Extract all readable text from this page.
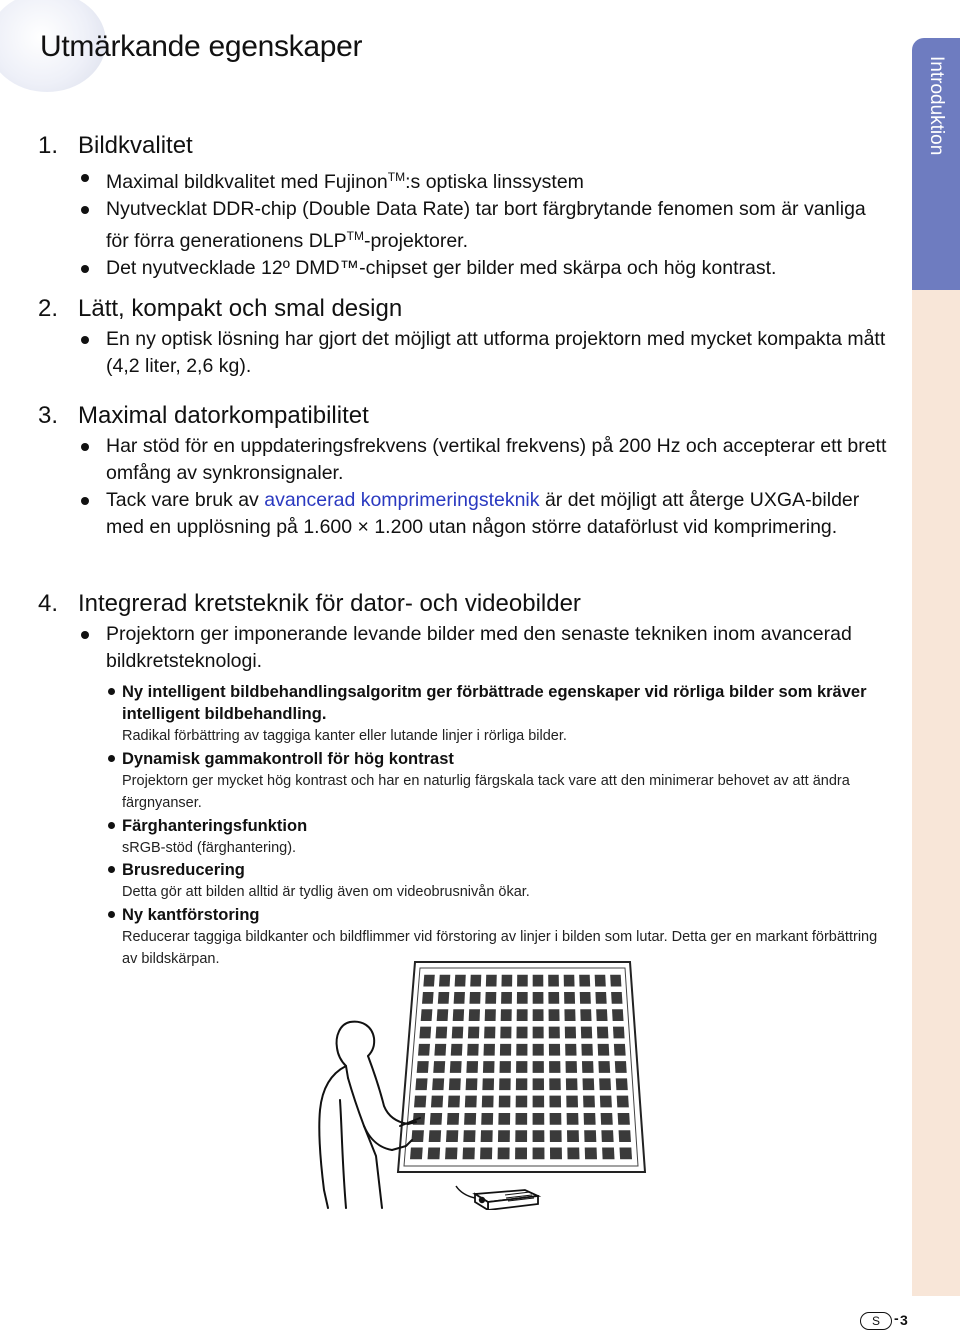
Utmärkande egenskaper
Introduktion
1. Bildkvalitet
Maximal bildkvalitet med Fujinon™:s optiska linssystem
Nyutvecklat DDR-chip (Double Data Rate) tar bort färgbrytande fenomen som är vanliga för förra generationens DLP™-projektorer.
Det nyutvecklade 12º DMD™-chipset ger bilder med skärpa och hög kontrast.
2. Lätt, kompakt och smal design
En ny optisk lösning har gjort det möjligt att utforma projektorn med mycket kompakta mått (4,2 liter, 2,6 kg).
3. Maximal datorkompatibilitet
Har stöd för en uppdateringsfrekvens (vertikal frekvens) på 200 Hz och accepterar ett brett omfång av synkronsignaler.
Tack vare bruk av avancerad komprimeringsteknik är det möjligt att återge UXGA-bilder med en upplösning på 1.600 × 1.200 utan någon större dataförlust vid komprimering.
4. Integrerad kretsteknik för dator- och videobilder
Projektorn ger imponerande levande bilder med den senaste tekniken inom avancerad bildkretsteknologi.
Ny intelligent bildbehandlingsalgoritm ger förbättrade egenskaper vid rörliga bilder som kräver intelligent bildbehandling.
Radikal förbättring av taggiga kanter eller lutande linjer i rörliga bilder.
Dynamisk gammakontroll för hög kontrast
Projektorn ger mycket hög kontrast och har en naturlig färgskala tack vare att den minimerar behovet av att ändra färgnyanser.
Färghanteringsfunktion
sRGB-stöd (färghantering).
Brusreducering
Detta gör att bilden alltid är tydlig även om videobrusnivån ökar.
Ny kantförstoring
Reducerar taggiga bildkanter och bildflimmer vid förstoring av linjer i bilden som lutar. Detta ger en markant förbättring av bildskärpan.
S	- 3
